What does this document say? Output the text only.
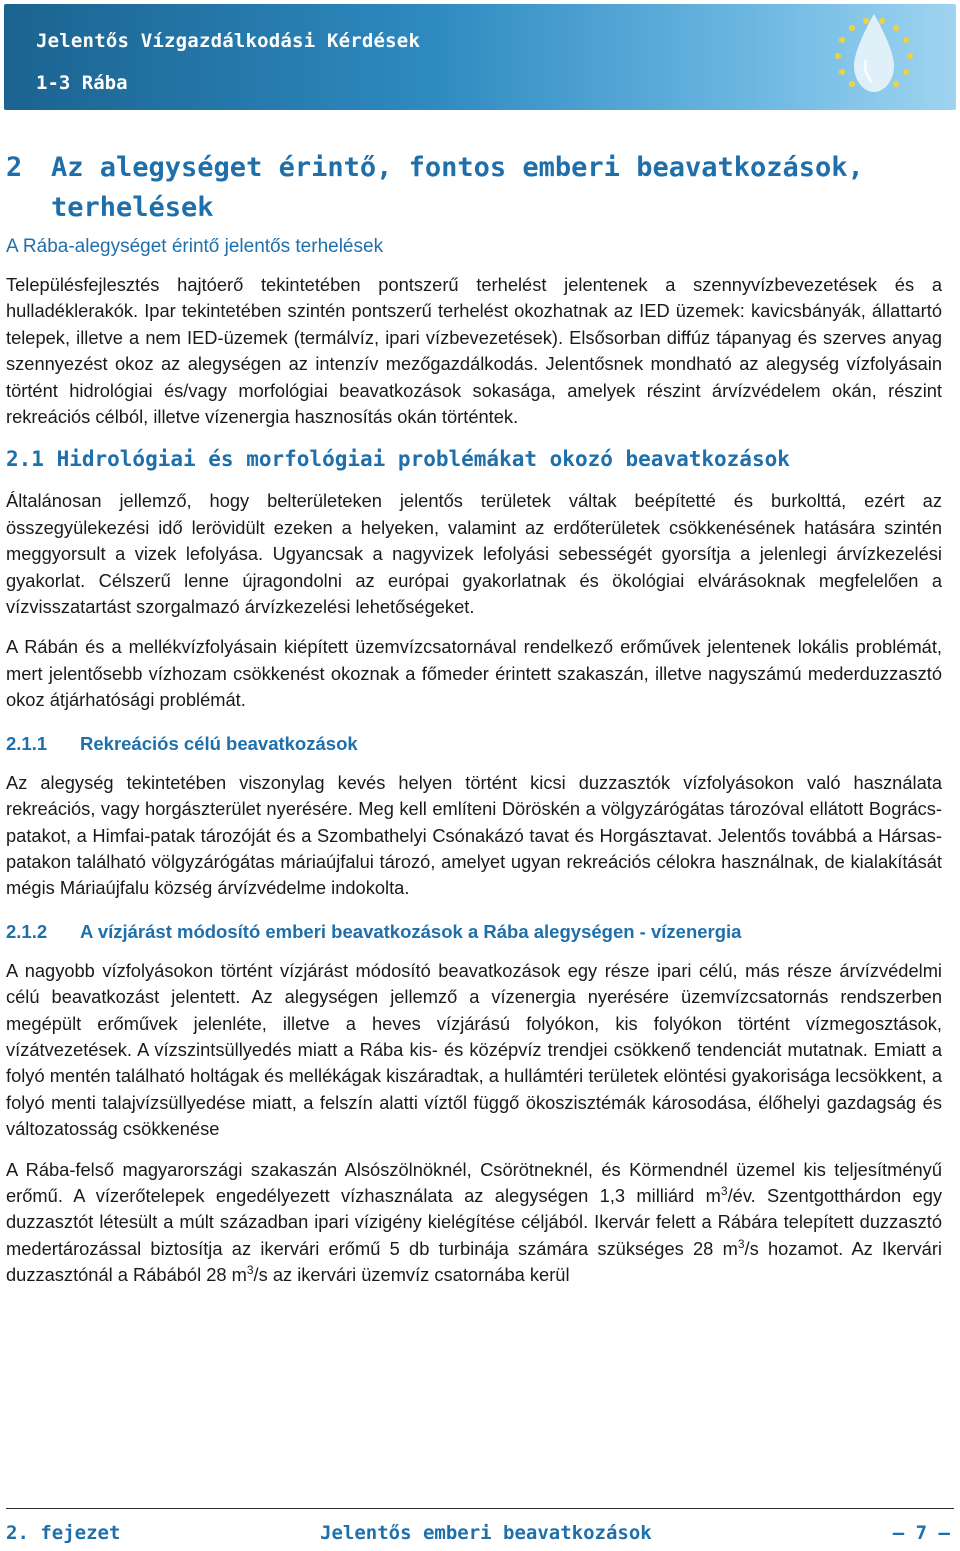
Jelentős Vízgazdálkodási Kérdések
1-3 Rába
2	Az alegységet érintő, fontos emberi beavatkozások, terhelések
A Rába-alegységet érintő jelentős terhelések

Településfejlesztés hajtóerő tekintetében pontszerű terhelést jelentenek a szennyvízbevezetések és a hulladéklerakók. Ipar tekintetében szintén pontszerű terhelést okozhatnak az IED üzemek: kavicsbányák, állattartó telepek, illetve a nem IED-üzemek (termálvíz, ipari vízbevezetések). Elsősorban diffúz tápanyag és szerves anyag szennyezést okoz az alegységen az intenzív mezőgazdálkodás. Jelentősnek mondható az alegység vízfolyásain történt hidrológiai és/vagy morfológiai beavatkozások sokasága, amelyek részint árvízvédelem okán, részint rekreációs célból, illetve vízenergia hasznosítás okán történtek.

2.1 Hidrológiai és morfológiai problémákat okozó beavatkozások

Általánosan jellemző, hogy belterületeken jelentős területek váltak beépítetté és burkolttá, ezért az összegyülekezési idő lerövidült ezeken a helyeken, valamint az erdőterületek csökkenésének hatására szintén meggyorsult a vizek lefolyása. Ugyancsak a nagyvizek lefolyási sebességét gyorsítja a jelenlegi árvízkezelési gyakorlat. Célszerű lenne újragondolni az európai gyakorlatnak és ökológiai elvárásoknak megfelelően a vízvisszatartást szorgalmazó árvízkezelési lehetőségeket.

A Rábán és a mellékvízfolyásain kiépített üzemvízcsatornával rendelkező erőművek jelentenek lokális problémát, mert jelentősebb vízhozam csökkenést okoznak a főmeder érintett szakaszán, illetve nagyszámú mederduzzasztó okoz átjárhatósági problémát.

2.1.1	Rekreációs célú beavatkozások

Az alegység tekintetében viszonylag kevés helyen történt kicsi duzzasztók vízfolyásokon való használata rekreációs, vagy horgászterület nyerésére. Meg kell említeni Döröskén a völgyzárógátas tározóval ellátott Bogrács-patakot, a Himfai-patak tározóját és a Szombathelyi Csónakázó tavat és Horgásztavat. Jelentős továbbá a Hársas-patakon található völgyzárógátas máriaújfalui tározó, amelyet ugyan rekreációs célokra használnak, de kialakítását mégis Máriaújfalu község árvízvédelme indokolta.

2.1.2	A vízjárást módosító emberi beavatkozások a Rába alegységen - vízenergia

A nagyobb vízfolyásokon történt vízjárást módosító beavatkozások egy része ipari célú, más része árvízvédelmi célú beavatkozást jelentett. Az alegységen jellemző a vízenergia nyerésére üzemvízcsatornás rendszerben megépült erőművek jelenléte, illetve a heves vízjárású folyókon, kis folyókon történt vízmegosztások, vízátvezetések. A vízszintsüllyedés miatt a Rába kis- és középvíz trendjei csökkenő tendenciát mutatnak. Emiatt a folyó mentén található holtágak és mellékágak kiszáradtak, a hullámtéri területek elöntési gyakorisága lecsökkent, a folyó menti talajvízsüllyedése miatt, a felszín alatti víztől függő ökoszisztémák károsodása, élőhelyi gazdagság és változatosság csökkenése

A Rába-felső magyarországi szakaszán Alsószölnöknél, Csörötneknél, és Körmendnél üzemel kis teljesítményű erőmű. A vízerőtelepek engedélyezett vízhasználata az alegységen 1,3 milliárd $m^3/év$. Szentgotthárdon egy duzzasztót létesült a múlt században ipari vízigény kielégítése céljából. Ikervár felett a Rábára telepített duzzasztó medertározással biztosítja az ikervári erőmű 5 db turbinája számára szükséges 28 $m^3/s$ hozamot. Az Ikervári duzzasztónál a Rábából 28 $m^3/s$ az ikervári üzemvíz csatornába kerül

2. fejezet	Jelentős emberi beavatkozások	― 7 ―
